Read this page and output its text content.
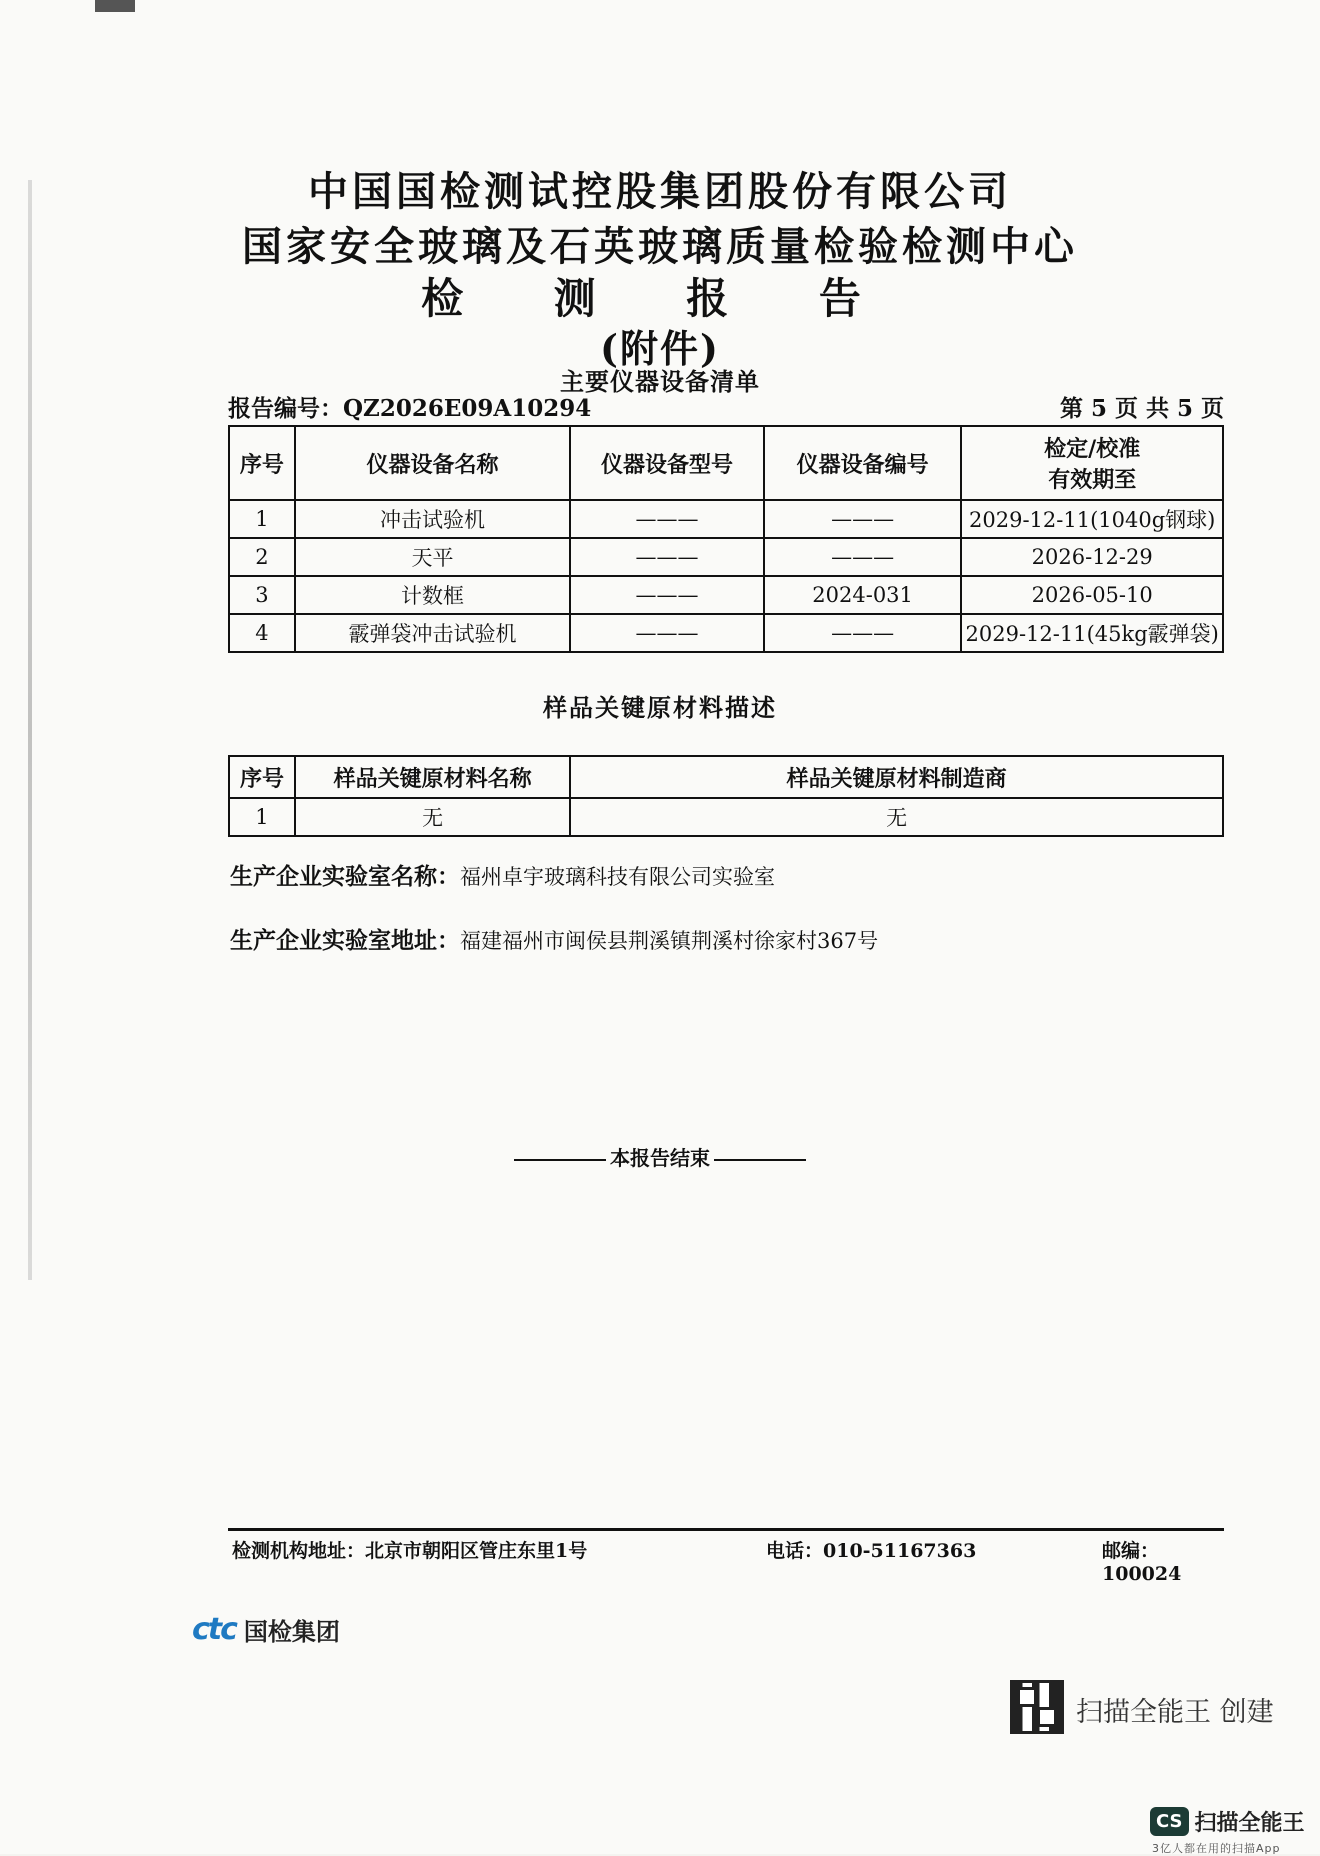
中国国检测试控股集团股份有限公司
国家安全玻璃及石英玻璃质量检验检测中心
检 测 报 告
(附件)
主要仪器设备清单
报告编号：QZ2026E09A10294	第 5 页 共 5 页
序号	仪器设备名称	仪器设备型号	仪器设备编号	检定/校准
有效期至
1	冲击试验机	———	———	2029-12-11(1040g钢球)
2	天平	———	———	2026-12-29
3	计数框	———	2024-031	2026-05-10
4	霰弹袋冲击试验机	———	———	2029-12-11(45kg霰弹袋)
样品关键原材料描述
序号	样品关键原材料名称	样品关键原材料制造商
1	无	无
生产企业实验室名称：福州卓宇玻璃科技有限公司实验室
生产企业实验室地址：福建福州市闽侯县荆溪镇荆溪村徐家村367号
本报告结束
检测机构地址：北京市朝阳区管庄东里1号	电话：010-51167363	邮编：100024
ctc 国检集团
扫描全能王 创建
CS 扫描全能王
3亿人都在用的扫描App
